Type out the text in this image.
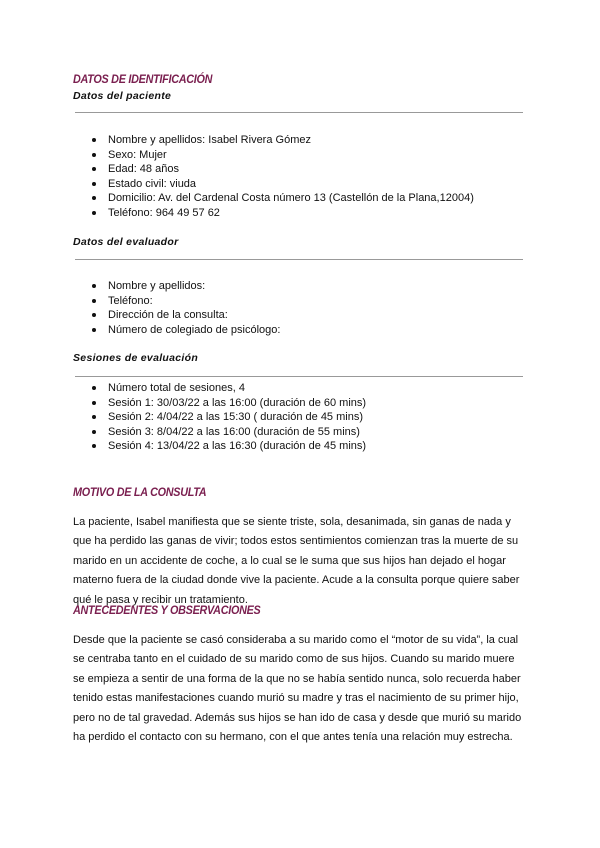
DATOS DE IDENTIFICACIÓN
Datos del paciente
Nombre y apellidos: Isabel Rivera Gómez
Sexo: Mujer
Edad: 48 años
Estado civil: viuda
Domicilio: Av. del Cardenal Costa número 13 (Castellón de la Plana,12004)
Teléfono: 964 49 57 62
Datos del evaluador
Nombre y apellidos:
Teléfono:
Dirección de la consulta:
Número de colegiado de psicólogo:
Sesiones de evaluación
Número total de sesiones, 4
Sesión 1: 30/03/22 a las 16:00 (duración de 60 mins)
Sesión 2: 4/04/22 a las 15:30 ( duración de 45 mins)
Sesión 3: 8/04/22 a las 16:00 (duración de 55 mins)
Sesión 4: 13/04/22 a las 16:30 (duración de 45 mins)
MOTIVO DE LA CONSULTA
La paciente, Isabel manifiesta que se siente triste, sola, desanimada, sin ganas de nada y
que ha perdido las ganas de vivir; todos estos sentimientos comienzan tras la muerte de su
marido en un accidente de coche, a lo cual se le suma que sus hijos han dejado el hogar
materno fuera de la ciudad donde vive la paciente. Acude a la consulta porque quiere saber
qué le pasa y recibir un tratamiento.
ANTECEDENTES Y OBSERVACIONES
Desde que la paciente se casó consideraba a su marido como el “motor de su vida”, la cual
se centraba tanto en el cuidado de su marido como de sus hijos. Cuando su marido muere
se empieza a sentir de una forma de la que no se había sentido nunca, solo recuerda haber
tenido estas manifestaciones cuando murió su madre y tras el nacimiento de su primer hijo,
pero no de tal gravedad. Además sus hijos se han ido de casa y desde que murió su marido
ha perdido el contacto con su hermano, con el que antes tenía una relación muy estrecha.
